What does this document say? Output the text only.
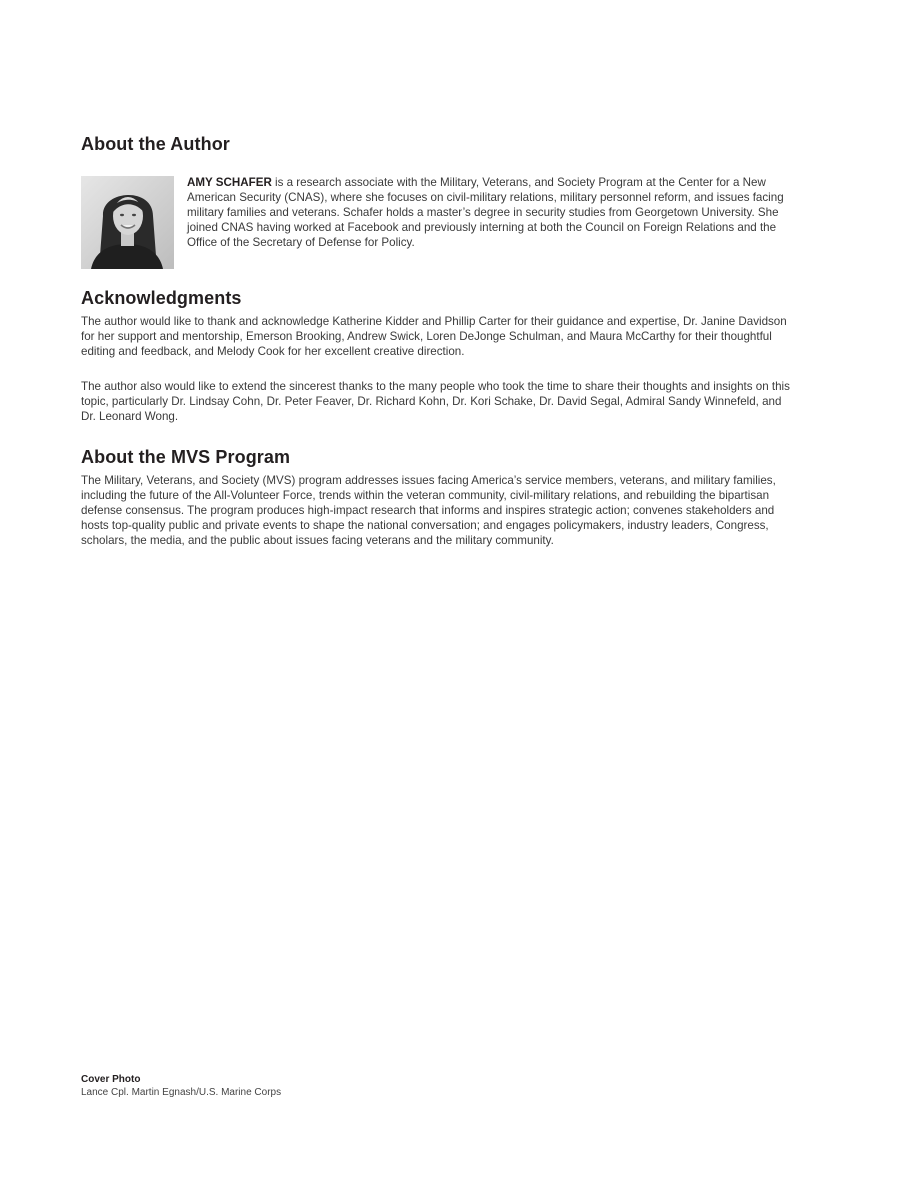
About the Author

AMY SCHAFER is a research associate with the Military, Veterans, and Society Program at the Center for a New American Security (CNAS), where she focuses on civil-military relations, military personnel reform, and issues facing military families and veterans. Schafer holds a master’s degree in security studies from Georgetown University. She joined CNAS having worked at Facebook and previously interning at both the Council on Foreign Relations and the Office of the Secretary of Defense for Policy.

Acknowledgments

The author would like to thank and acknowledge Katherine Kidder and Phillip Carter for their guidance and expertise, Dr. Janine Davidson for her support and mentorship, Emerson Brooking, Andrew Swick, Loren DeJonge Schulman, and Maura McCarthy for their thoughtful editing and feedback, and Melody Cook for her excellent creative direction.

The author also would like to extend the sincerest thanks to the many people who took the time to share their thoughts and insights on this topic, particularly Dr. Lindsay Cohn, Dr. Peter Feaver, Dr. Richard Kohn, Dr. Kori Schake, Dr. David Segal, Admiral Sandy Winnefeld, and Dr. Leonard Wong.

About the MVS Program

The Military, Veterans, and Society (MVS) program addresses issues facing America’s service members, veterans, and military families, including the future of the All-Volunteer Force, trends within the veteran community, civil-military relations, and rebuilding the bipartisan defense consensus. The program produces high-impact research that informs and inspires strategic action; convenes stakeholders and hosts top-quality public and private events to shape the national conversation; and engages policymakers, industry leaders, Congress, scholars, the media, and the public about issues facing veterans and the military community.

Cover Photo

Lance Cpl. Martin Egnash/U.S. Marine Corps
